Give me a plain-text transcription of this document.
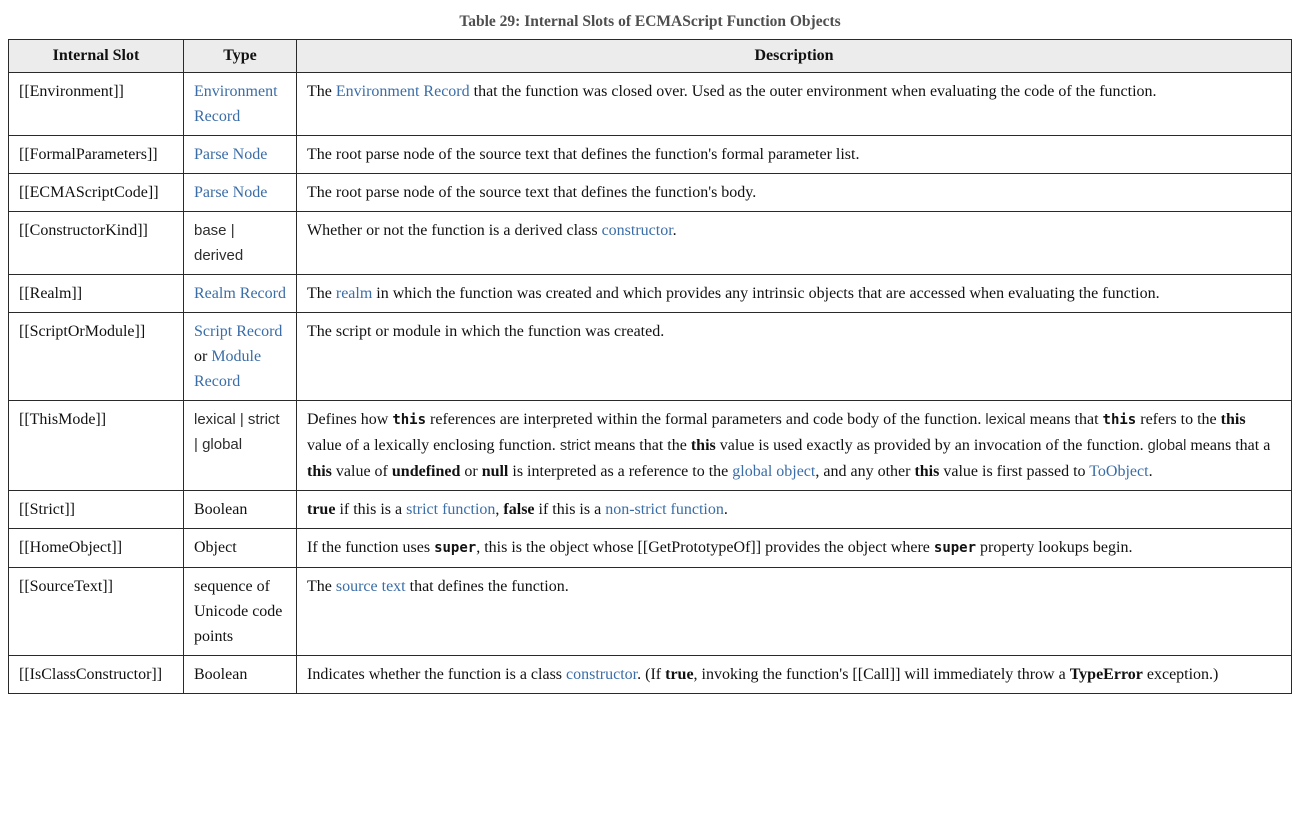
Table 29: Internal Slots of ECMAScript Function Objects
Internal Slot	Type	Description
[[Environment]]	Environment Record	The Environment Record that the function was closed over. Used as the outer environment when evaluating the code of the function.
[[FormalParameters]]	Parse Node	The root parse node of the source text that defines the function's formal parameter list.
[[ECMAScriptCode]]	Parse Node	The root parse node of the source text that defines the function's body.
[[ConstructorKind]]	base | derived	Whether or not the function is a derived class constructor.
[[Realm]]	Realm Record	The realm in which the function was created and which provides any intrinsic objects that are accessed when evaluating the function.
[[ScriptOrModule]]	Script Record or Module Record	The script or module in which the function was created.
[[ThisMode]]	lexical | strict | global	Defines how this references are interpreted within the formal parameters and code body of the function. lexical means that this refers to the this value of a lexically enclosing function. strict means that the this value is used exactly as provided by an invocation of the function. global means that a this value of undefined or null is interpreted as a reference to the global object, and any other this value is first passed to ToObject.
[[Strict]]	Boolean	true if this is a strict function, false if this is a non-strict function.
[[HomeObject]]	Object	If the function uses super, this is the object whose [[GetPrototypeOf]] provides the object where super property lookups begin.
[[SourceText]]	sequence of Unicode code points	The source text that defines the function.
[[IsClassConstructor]]	Boolean	Indicates whether the function is a class constructor. (If true, invoking the function's [[Call]] will immediately throw a TypeError exception.)
